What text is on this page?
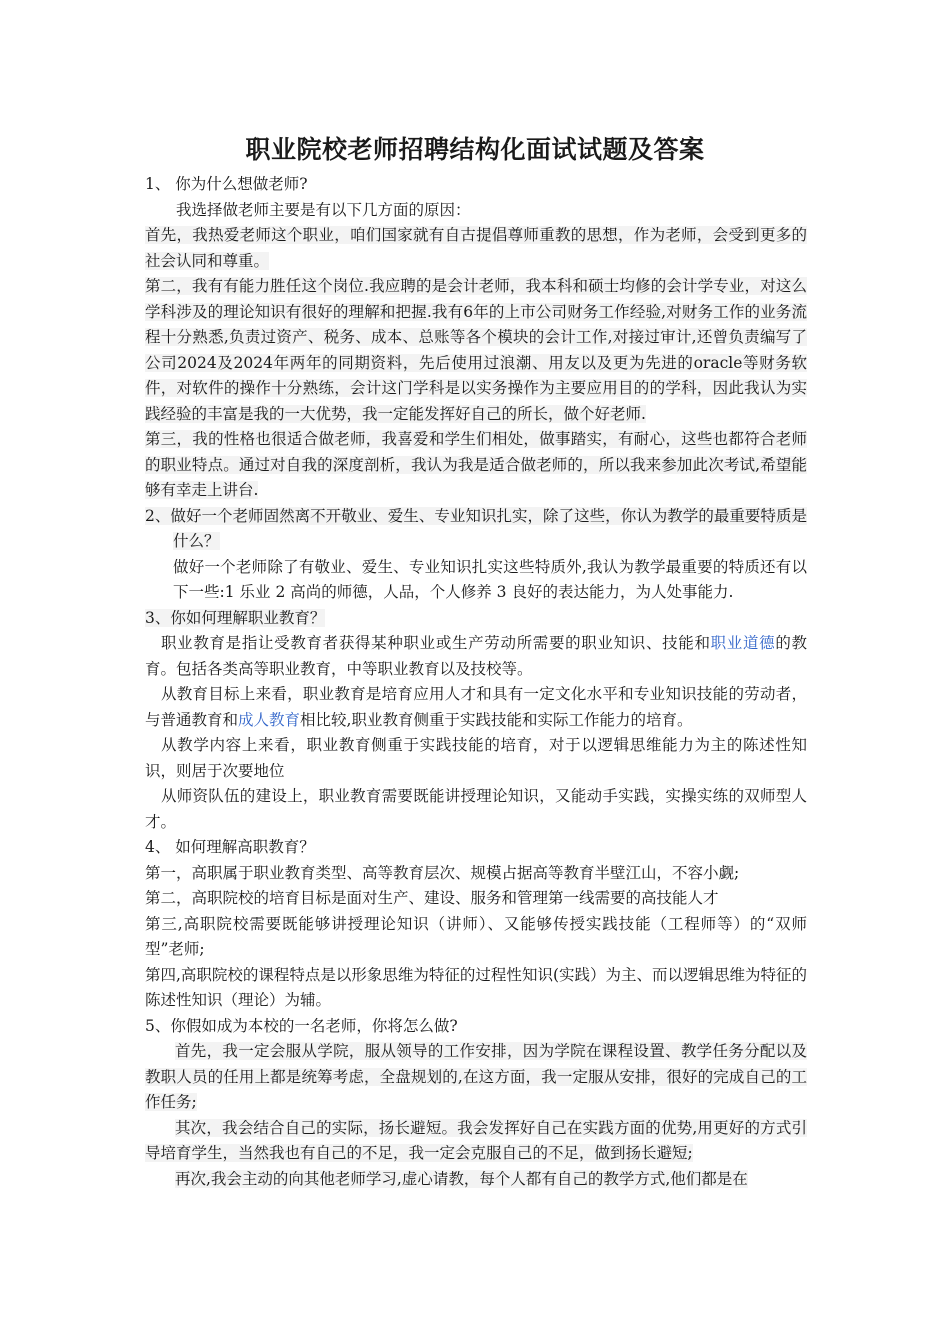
职业院校老师招聘结构化面试试题及答案

1、 你为什么想做老师?

我选择做老师主要是有以下几方面的原因：

首先，我热爱老师这个职业，咱们国家就有自古提倡尊师重教的思想，作为老师，会受到更多的社会认同和尊重。

第二，我有有能力胜任这个岗位.我应聘的是会计老师，我本科和硕士均修的会计学专业，对这么学科涉及的理论知识有很好的理解和把握.我有6年的上市公司财务工作经验,对财务工作的业务流程十分熟悉,负责过资产、税务、成本、总账等各个模块的会计工作,对接过审计,还曾负责编写了公司2024及2024年两年的同期资料，先后使用过浪潮、用友以及更为先进的oracle等财务软件，对软件的操作十分熟练，会计这门学科是以实务操作为主要应用目的的学科，因此我认为实践经验的丰富是我的一大优势，我一定能发挥好自己的所长，做个好老师.

第三，我的性格也很适合做老师，我喜爱和学生们相处，做事踏实，有耐心，这些也都符合老师的职业特点。通过对自我的深度剖析，我认为我是适合做老师的，所以我来参加此次考试,希望能够有幸走上讲台.

2、做好一个老师固然离不开敬业、爱生、专业知识扎实，除了这些，你认为教学的最重要特质是什么？

做好一个老师除了有敬业、爱生、专业知识扎实这些特质外,我认为教学最重要的特质还有以下一些:1 乐业 2 高尚的师德，人品，个人修养 3 良好的表达能力，为人处事能力.

3、你如何理解职业教育？

职业教育是指让受教育者获得某种职业或生产劳动所需要的职业知识、技能和职业道德的教育。包括各类高等职业教育，中等职业教育以及技校等。

从教育目标上来看，职业教育是培育应用人才和具有一定文化水平和专业知识技能的劳动者，与普通教育和成人教育相比较,职业教育侧重于实践技能和实际工作能力的培育。

从教学内容上来看，职业教育侧重于实践技能的培育，对于以逻辑思维能力为主的陈述性知识，则居于次要地位

从师资队伍的建设上，职业教育需要既能讲授理论知识，又能动手实践，实操实练的双师型人才。

4、 如何理解高职教育？

第一，高职属于职业教育类型、高等教育层次、规模占据高等教育半壁江山，不容小觑;

第二，高职院校的培育目标是面对生产、建设、服务和管理第一线需要的高技能人才

第三,高职院校需要既能够讲授理论知识（讲师）、又能够传授实践技能（工程师等）的“双师型”老师;

第四,高职院校的课程特点是以形象思维为特征的过程性知识(实践）为主、而以逻辑思维为特征的陈述性知识（理论）为辅。

5、你假如成为本校的一名老师，你将怎么做?

首先，我一定会服从学院，服从领导的工作安排，因为学院在课程设置、教学任务分配以及教职人员的任用上都是统筹考虑，全盘规划的,在这方面，我一定服从安排，很好的完成自己的工作任务;

其次，我会结合自己的实际，扬长避短。我会发挥好自己在实践方面的优势,用更好的方式引导培育学生，当然我也有自己的不足，我一定会克服自己的不足，做到扬长避短;

再次,我会主动的向其他老师学习,虚心请教，每个人都有自己的教学方式,他们都是在
